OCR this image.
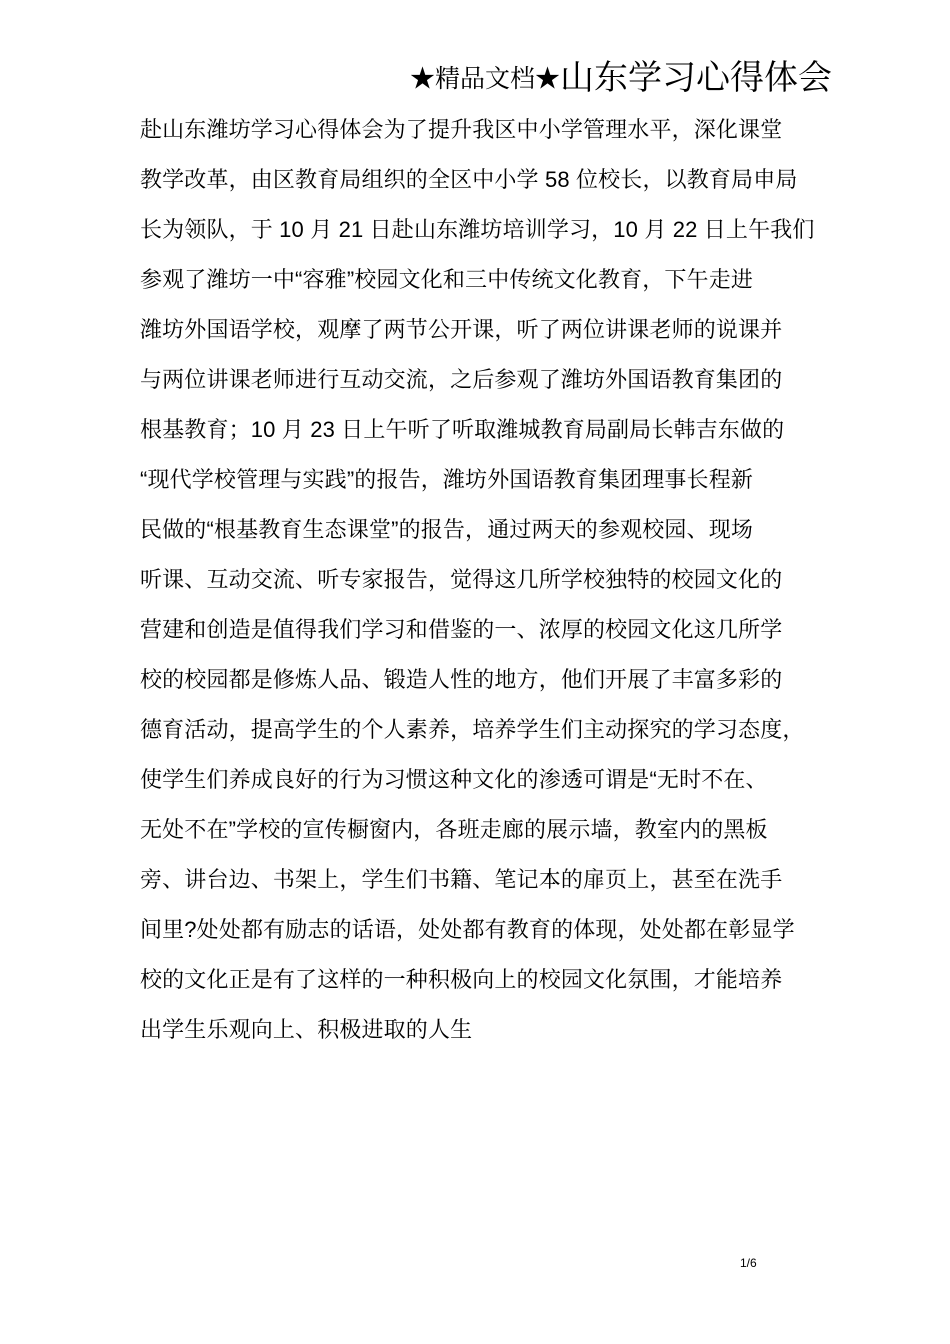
★精品文档★山东学习心得体会
赴山东潍坊学习心得体会为了提升我区中小学管理水平，深化课堂
教学改革，由区教育局组织的全区中小学 58 位校长，以教育局申局
长为领队，于 10 月 21 日赴山东潍坊培训学习，10 月 22 日上午我们
参观了潍坊一中“容雅”校园文化和三中传统文化教育，下午走进
潍坊外国语学校，观摩了两节公开课，听了两位讲课老师的说课并
与两位讲课老师进行互动交流，之后参观了潍坊外国语教育集团的
根基教育；10 月 23 日上午听了听取潍城教育局副局长韩吉东做的
“现代学校管理与实践”的报告，潍坊外国语教育集团理事长程新
民做的“根基教育生态课堂”的报告，通过两天的参观校园、现场
听课、互动交流、听专家报告，觉得这几所学校独特的校园文化的
营建和创造是值得我们学习和借鉴的一、浓厚的校园文化这几所学
校的校园都是修炼人品、锻造人性的地方，他们开展了丰富多彩的
德育活动，提高学生的个人素养，培养学生们主动探究的学习态度，
使学生们养成良好的行为习惯这种文化的渗透可谓是“无时不在、
无处不在”学校的宣传橱窗内，各班走廊的展示墙，教室内的黑板
旁、讲台边、书架上，学生们书籍、笔记本的扉页上，甚至在洗手
间里?处处都有励志的话语，处处都有教育的体现，处处都在彰显学
校的文化正是有了这样的一种积极向上的校园文化氛围，才能培养
出学生乐观向上、积极进取的人生
1/6
